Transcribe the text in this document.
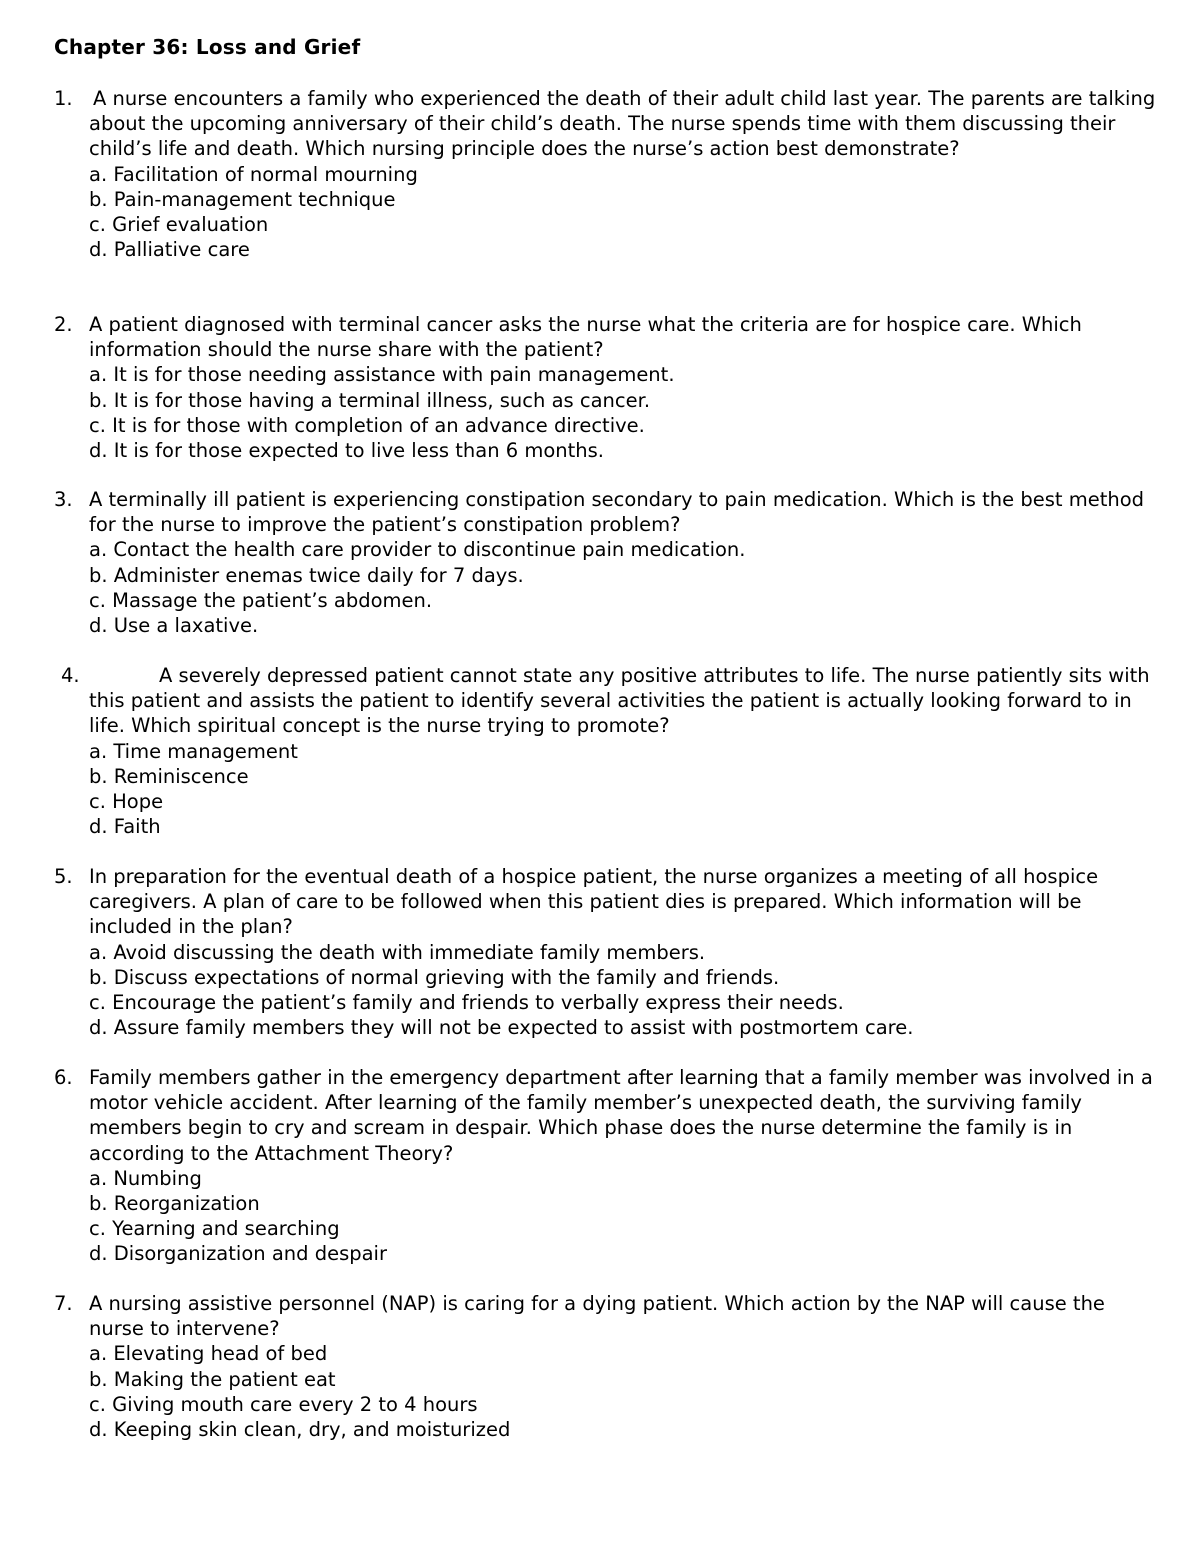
Chapter 36: Loss and Grief
1. A nurse encounters a family who experienced the death of their adult child last year. The parents are talking about the upcoming anniversary of their child’s death. The nurse spends time with them discussing their child’s life and death. Which nursing principle does the nurse’s action best demonstrate?

a. Facilitation of normal mourning
b. Pain-management technique
c. Grief evaluation
d. Palliative care
2. A patient diagnosed with terminal cancer asks the nurse what the criteria are for hospice care. Which information should the nurse share with the patient?

a. It is for those needing assistance with pain management.
b. It is for those having a terminal illness, such as cancer.
c. It is for those with completion of an advance directive.
d. It is for those expected to live less than 6 months.
3. A terminally ill patient is experiencing constipation secondary to pain medication. Which is the best method for the nurse to improve the patient’s constipation problem?

a. Contact the health care provider to discontinue pain medication.
b. Administer enemas twice daily for 7 days.
c. Massage the patient’s abdomen.
d. Use a laxative.
4.	A severely depressed patient cannot state any positive attributes to life. The nurse patiently sits with this patient and assists the patient to identify several activities the patient is actually looking forward to in life. Which spiritual concept is the nurse trying to promote?

a. Time management
b. Reminiscence
c. Hope
d. Faith
5. In preparation for the eventual death of a hospice patient, the nurse organizes a meeting of all hospice caregivers. A plan of care to be followed when this patient dies is prepared. Which information will be included in the plan?

a. Avoid discussing the death with immediate family members.
b. Discuss expectations of normal grieving with the family and friends.
c. Encourage the patient’s family and friends to verbally express their needs.
d. Assure family members they will not be expected to assist with postmortem care.
6. Family members gather in the emergency department after learning that a family member was involved in a motor vehicle accident. After learning of the family member’s unexpected death, the surviving family members begin to cry and scream in despair. Which phase does the nurse determine the family is in according to the Attachment Theory?

a. Numbing
b. Reorganization
c. Yearning and searching
d. Disorganization and despair
7. A nursing assistive personnel (NAP) is caring for a dying patient. Which action by the NAP will cause the nurse to intervene?

a. Elevating head of bed
b. Making the patient eat
c. Giving mouth care every 2 to 4 hours
d. Keeping skin clean, dry, and moisturized
